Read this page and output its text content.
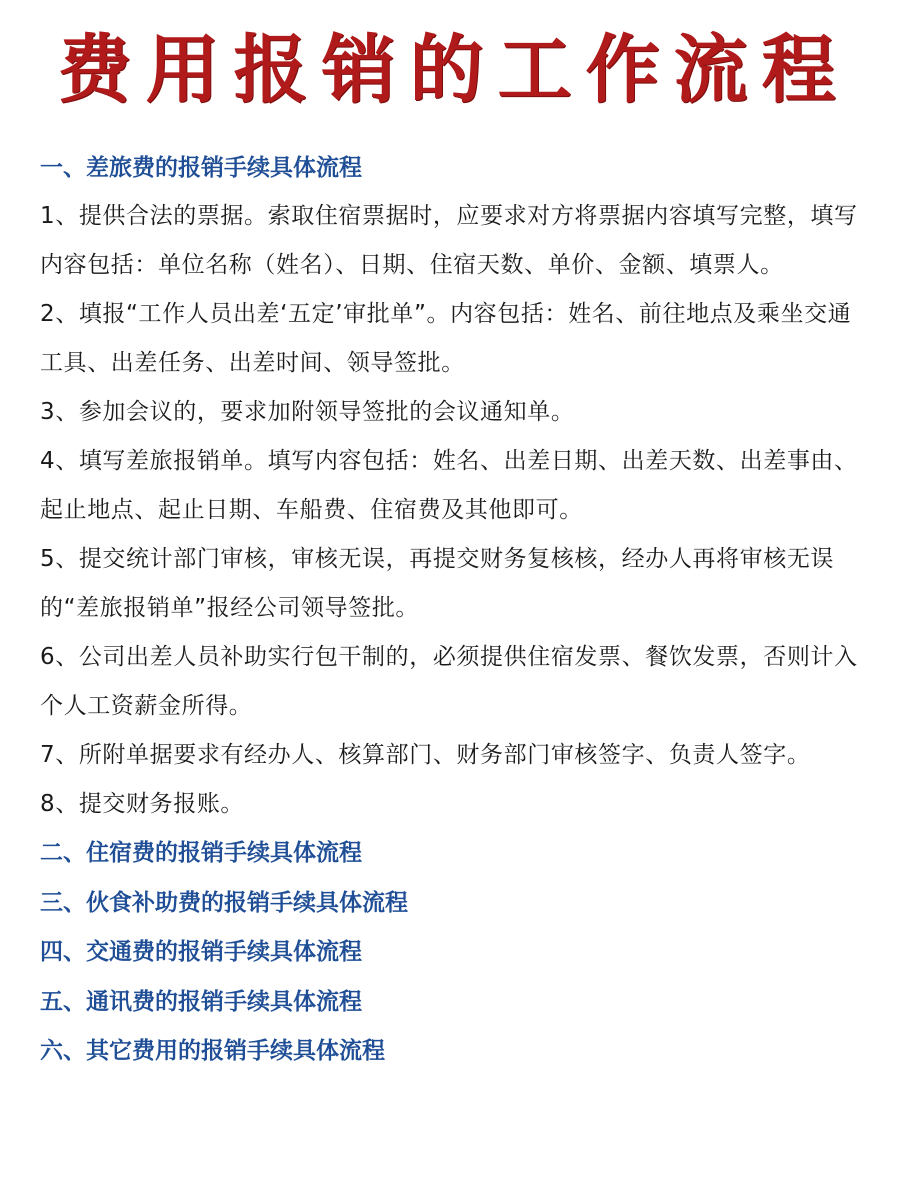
费用报销的工作流程
一、差旅费的报销手续具体流程
1、提供合法的票据。索取住宿票据时，应要求对方将票据内容填写完整，填写内容包括：单位名称（姓名）、日期、住宿天数、单价、金额、填票人。
2、填报“工作人员出差‘五定’审批单”。内容包括：姓名、前往地点及乘坐交通工具、出差任务、出差时间、领导签批。
3、参加会议的，要求加附领导签批的会议通知单。
4、填写差旅报销单。填写内容包括：姓名、出差日期、出差天数、出差事由、起止地点、起止日期、车船费、住宿费及其他即可。
5、提交统计部门审核，审核无误，再提交财务复核核，经办人再将审核无误的“差旅报销单”报经公司领导签批。
6、公司出差人员补助实行包干制的，必须提供住宿发票、餐饮发票，否则计入个人工资薪金所得。
7、所附单据要求有经办人、核算部门、财务部门审核签字、负责人签字。
8、提交财务报账。
二、住宿费的报销手续具体流程
三、伙食补助费的报销手续具体流程
四、交通费的报销手续具体流程
五、通讯费的报销手续具体流程
六、其它费用的报销手续具体流程
